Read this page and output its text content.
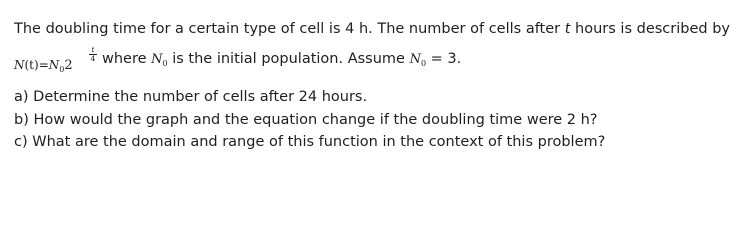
The doubling time for a certain type of cell is 4 h. The number of cells after t hours is described by
$N(t)=N_02$
t
4 where $N_0$ is the initial population. Assume $N_0 = 3$.
a) Determine the number of cells after 24 hours.
b) How would the graph and the equation change if the doubling time were 2 h?
c) What are the domain and range of this function in the context of this problem?
